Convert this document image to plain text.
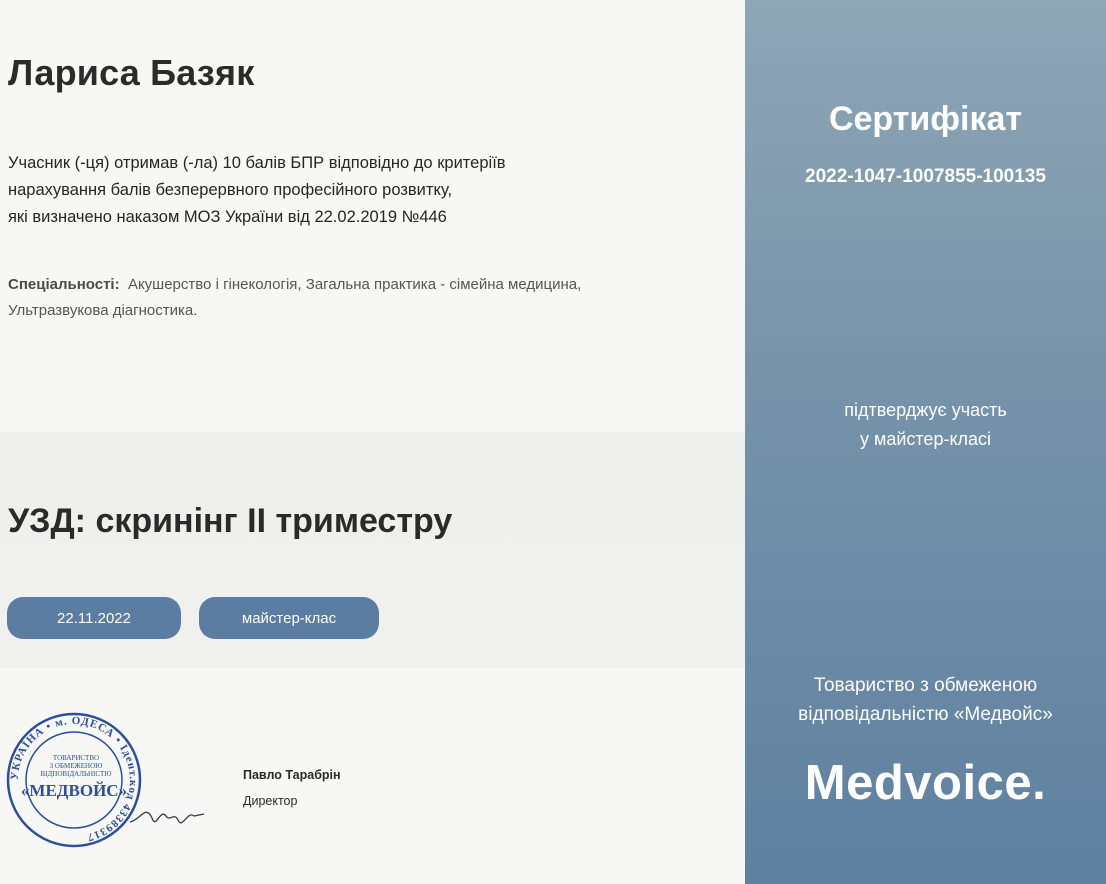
Лариса Базяк
Учасник (-ця) отримав (-ла) 10 балів БПР відповідно до критеріїв
нарахування балів безперервного професійного розвитку,
які визначено наказом МОЗ України від 22.02.2019 №446
Спеціальності: Акушерство і гінекологія, Загальна практика - сімейна медицина, Ультразвукова діагностика.
УЗД: скринінг ІІ триместру
22.11.2022	майстер-клас
УКРАЇНА • м. ОДЕСА • Ідент.код 43389317
ТОВАРИСТВО
З ОБМЕЖЕНОЮ
ВІДПОВІДАЛЬНІСТЮ
«МЕДВОЙС»
Павло Тарабрін
Директор
Сертифікат
2022-1047-1007855-100135
підтверджує участь
у майстер-класі
Товариство з обмеженою
відповідальністю «Медвойс»
Medvoice.
